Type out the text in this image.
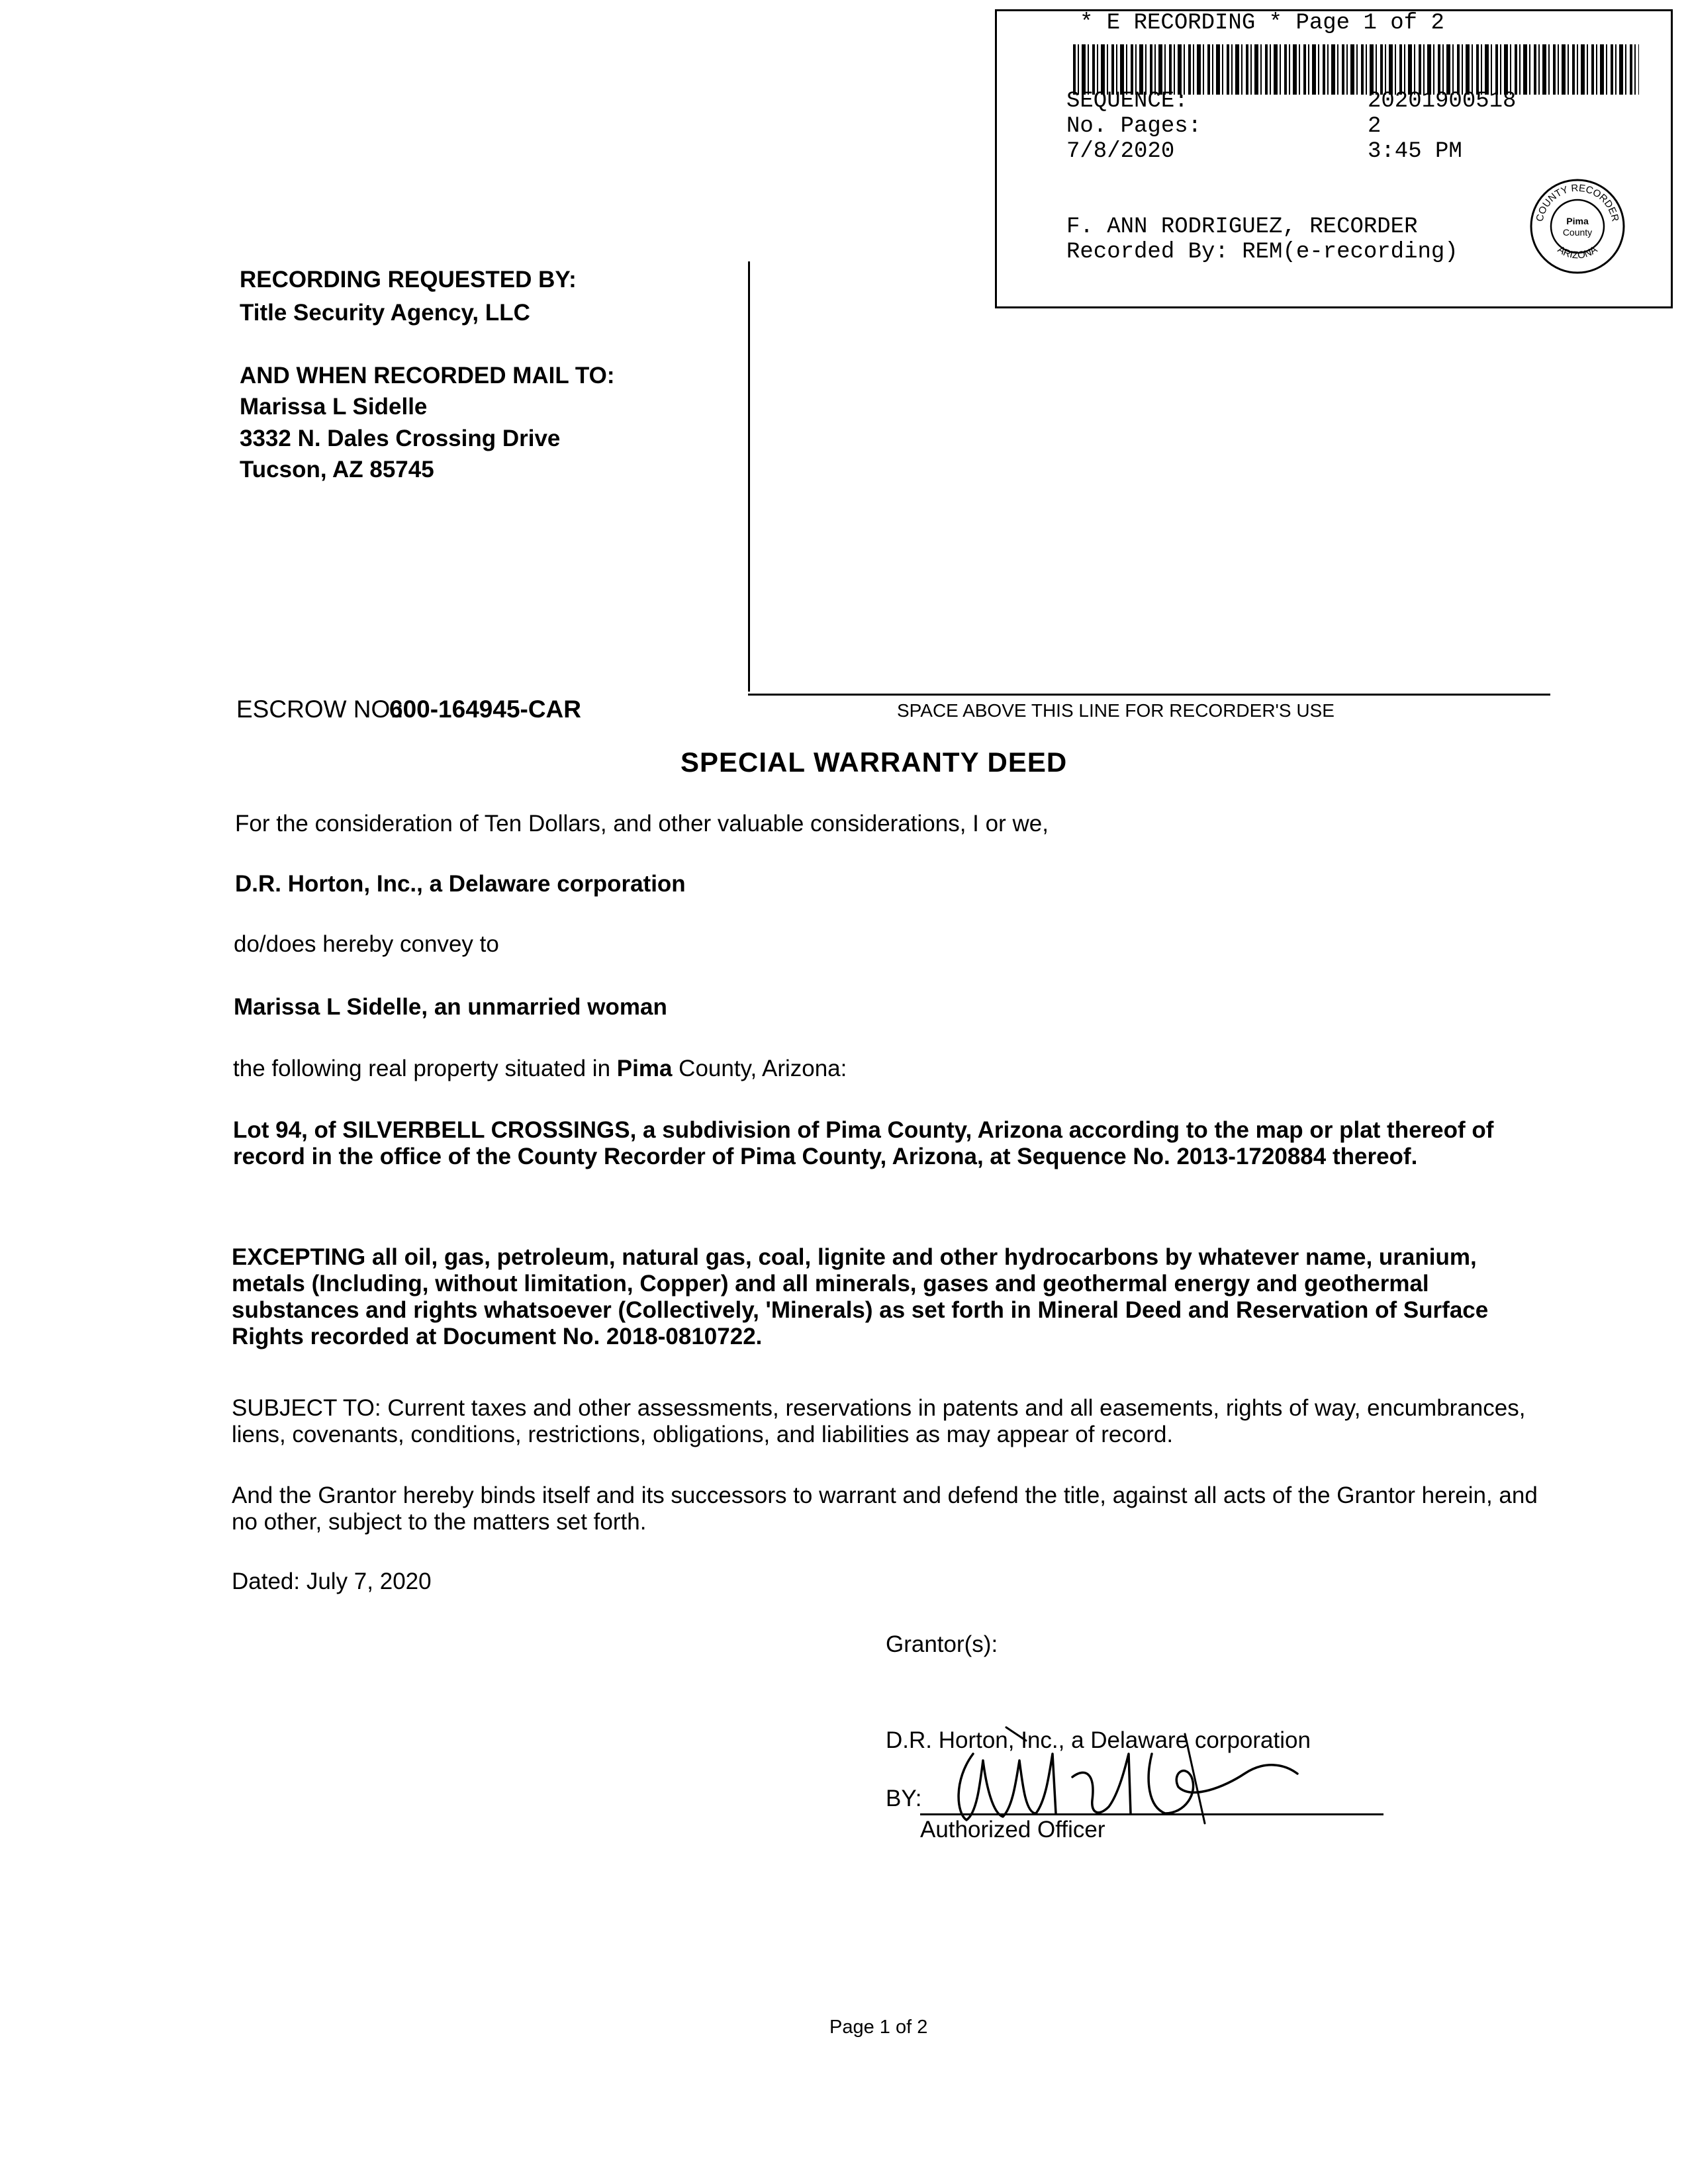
* E RECORDING * Page 1 of 2
SEQUENCE:	20201900518
No. Pages:	2
7/8/2020	3:45 PM
F. ANN RODRIGUEZ, RECORDER
Recorded By: REM(e-recording)
COUNTY RECORDER
ARIZONA
Pima
County
RECORDING REQUESTED BY:
Title Security Agency, LLC
AND WHEN RECORDED MAIL TO:
Marissa L Sidelle
3332 N. Dales Crossing Drive
Tucson, AZ 85745
ESCROW NO.:
600-164945-CAR	SPACE ABOVE THIS LINE FOR RECORDER'S USE
SPECIAL WARRANTY DEED
For the consideration of Ten Dollars, and other valuable considerations, I or we,
D.R. Horton, Inc., a Delaware corporation
do/does hereby convey to
Marissa L Sidelle, an unmarried woman
the following real property situated in Pima County, Arizona:
Lot 94, of SILVERBELL CROSSINGS, a subdivision of Pima County, Arizona according to the map or plat thereof of record in the office of the County Recorder of Pima County, Arizona, at Sequence No. 2013-1720884 thereof.
EXCEPTING all oil, gas, petroleum, natural gas, coal, lignite and other hydrocarbons by whatever name, uranium, metals (Including, without limitation, Copper) and all minerals, gases and geothermal energy and geothermal substances and rights whatsoever (Collectively, 'Minerals) as set forth in Mineral Deed and Reservation of Surface Rights recorded at Document No. 2018-0810722.
SUBJECT TO: Current taxes and other assessments, reservations in patents and all easements, rights of way, encumbrances, liens, covenants, conditions, restrictions, obligations, and liabilities as may appear of record.
And the Grantor hereby binds itself and its successors to warrant and defend the title, against all acts of the Grantor herein, and no other, subject to the matters set forth.
Dated: July 7, 2020
Grantor(s):
D.R. Horton, Inc., a Delaware corporation
BY:
Authorized Officer
Page 1 of 2
